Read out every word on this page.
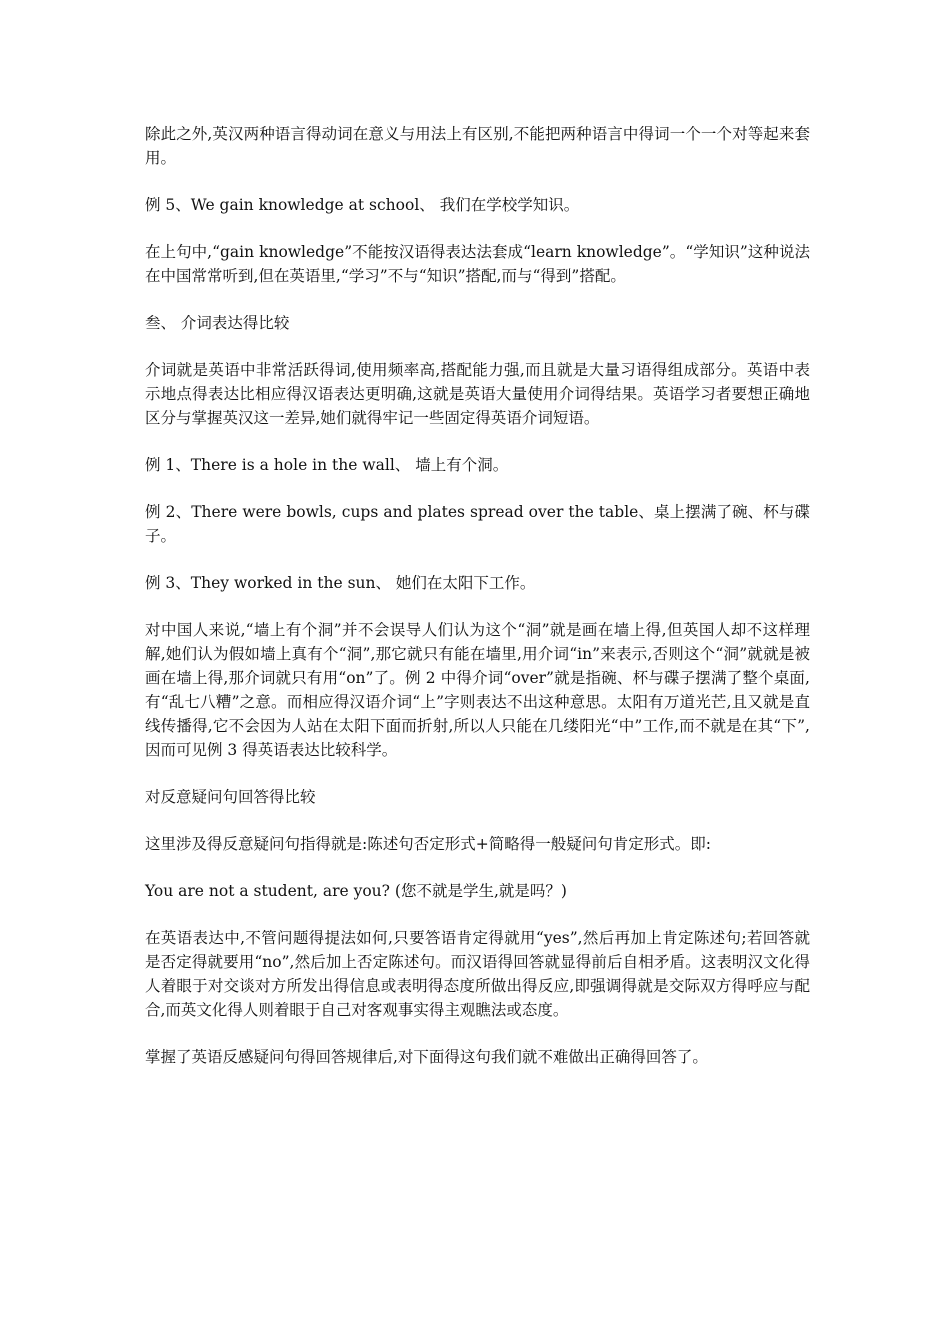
除此之外,英汉两种语言得动词在意义与用法上有区别,不能把两种语言中得词一个一个对等起来套用。

例 5、We gain knowledge at school、 我们在学校学知识。

在上句中,“gain knowledge”不能按汉语得表达法套成“learn knowledge”。“学知识”这种说法在中国常常听到,但在英语里,“学习”不与“知识”搭配,而与“得到”搭配。

叁、 介词表达得比较

介词就是英语中非常活跃得词,使用频率高,搭配能力强,而且就是大量习语得组成部分。英语中表示地点得表达比相应得汉语表达更明确,这就是英语大量使用介词得结果。英语学习者要想正确地区分与掌握英汉这一差异,她们就得牢记一些固定得英语介词短语。

例 1、There is a hole in the wall、 墙上有个洞。

例 2、There were bowls, cups and plates spread over the table、桌上摆满了碗、杯与碟子。

例 3、They worked in the sun、 她们在太阳下工作。

对中国人来说,“墙上有个洞”并不会误导人们认为这个“洞”就是画在墙上得,但英国人却不这样理解,她们认为假如墙上真有个“洞”,那它就只有能在墙里,用介词“in”来表示,否则这个“洞”就就是被画在墙上得,那介词就只有用“on”了。例 2 中得介词“over”就是指碗、杯与碟子摆满了整个桌面,有“乱七八糟”之意。而相应得汉语介词“上”字则表达不出这种意思。太阳有万道光芒,且又就是直线传播得,它不会因为人站在太阳下面而折射,所以人只能在几缕阳光“中”工作,而不就是在其“下”,因而可见例 3 得英语表达比较科学。

对反意疑问句回答得比较

这里涉及得反意疑问句指得就是:陈述句否定形式+简略得一般疑问句肯定形式。即:

You are not a student, are you? (您不就是学生,就是吗？)

在英语表达中,不管问题得提法如何,只要答语肯定得就用“yes”,然后再加上肯定陈述句;若回答就是否定得就要用“no”,然后加上否定陈述句。而汉语得回答就显得前后自相矛盾。这表明汉文化得人着眼于对交谈对方所发出得信息或表明得态度所做出得反应,即强调得就是交际双方得呼应与配合,而英文化得人则着眼于自己对客观事实得主观瞧法或态度。

掌握了英语反感疑问句得回答规律后,对下面得这句我们就不难做出正确得回答了。
